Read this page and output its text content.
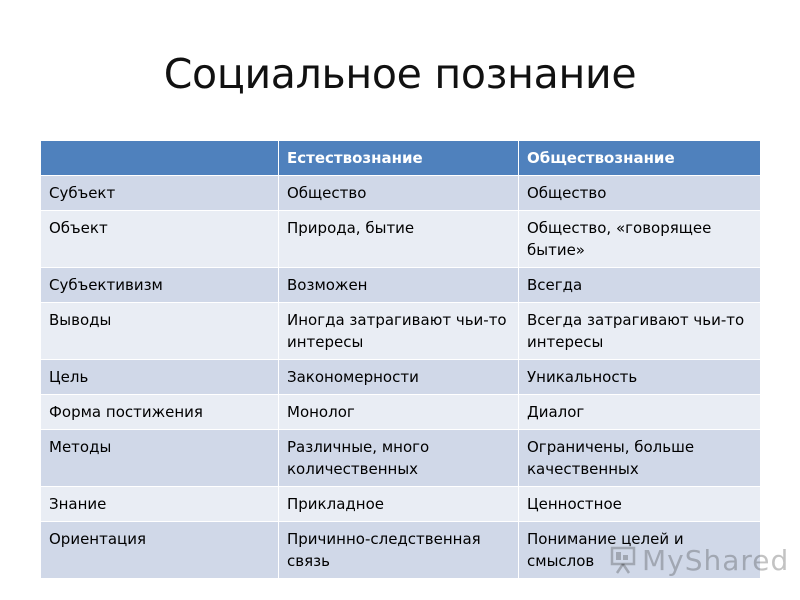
Социальное познание
	Естествознание	Обществознание
Субъект	Общество	Общество
Объект	Природа, бытие	Общество, «говорящее бытие»
Субъективизм	Возможен	Всегда
Выводы	Иногда затрагивают чьи-то интересы	Всегда затрагивают чьи-то интересы
Цель	Закономерности	Уникальность
Форма постижения	Монолог	Диалог
Методы	Различные, много количественных	Ограничены, больше качественных
Знание	Прикладное	Ценностное
Ориентация	Причинно-следственная связь	Понимание целей и смыслов MyShared
